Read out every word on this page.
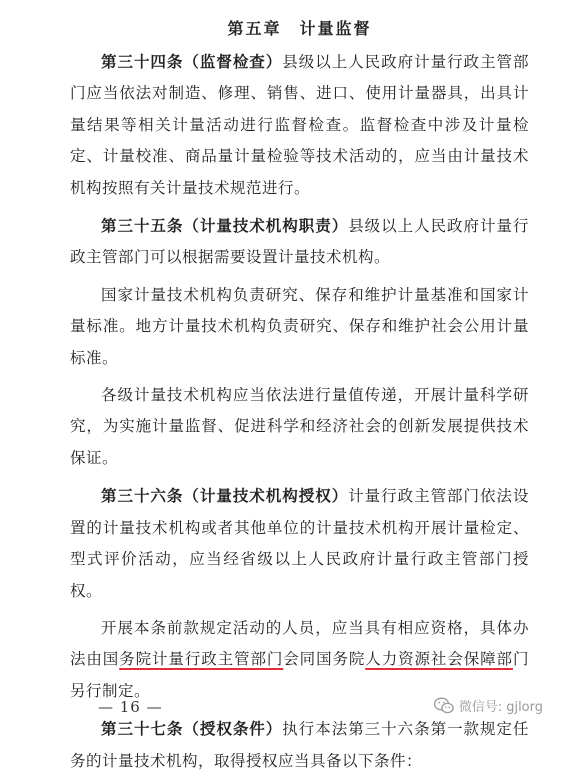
第五章　计量监督

第三十四条（监督检查）县级以上人民政府计量行政主管部门应当依法对制造、修理、销售、进口、使用计量器具，出具计量结果等相关计量活动进行监督检查。监督检查中涉及计量检定、计量校准、商品量计量检验等技术活动的，应当由计量技术机构按照有关计量技术规范进行。

第三十五条（计量技术机构职责）县级以上人民政府计量行政主管部门可以根据需要设置计量技术机构。

国家计量技术机构负责研究、保存和维护计量基准和国家计量标准。地方计量技术机构负责研究、保存和维护社会公用计量标准。

各级计量技术机构应当依法进行量值传递，开展计量科学研究，为实施计量监督、促进科学和经济社会的创新发展提供技术保证。

第三十六条（计量技术机构授权）计量行政主管部门依法设置的计量技术机构或者其他单位的计量技术机构开展计量检定、型式评价活动，应当经省级以上人民政府计量行政主管部门授权。

开展本条前款规定活动的人员，应当具有相应资格，具体办法由国务院计量行政主管部门会同国务院人力资源社会保障部门另行制定。

第三十七条（授权条件）执行本法第三十六条第一款规定任务的计量技术机构，取得授权应当具备以下条件：

— 16 —	微信号: gjlorg
